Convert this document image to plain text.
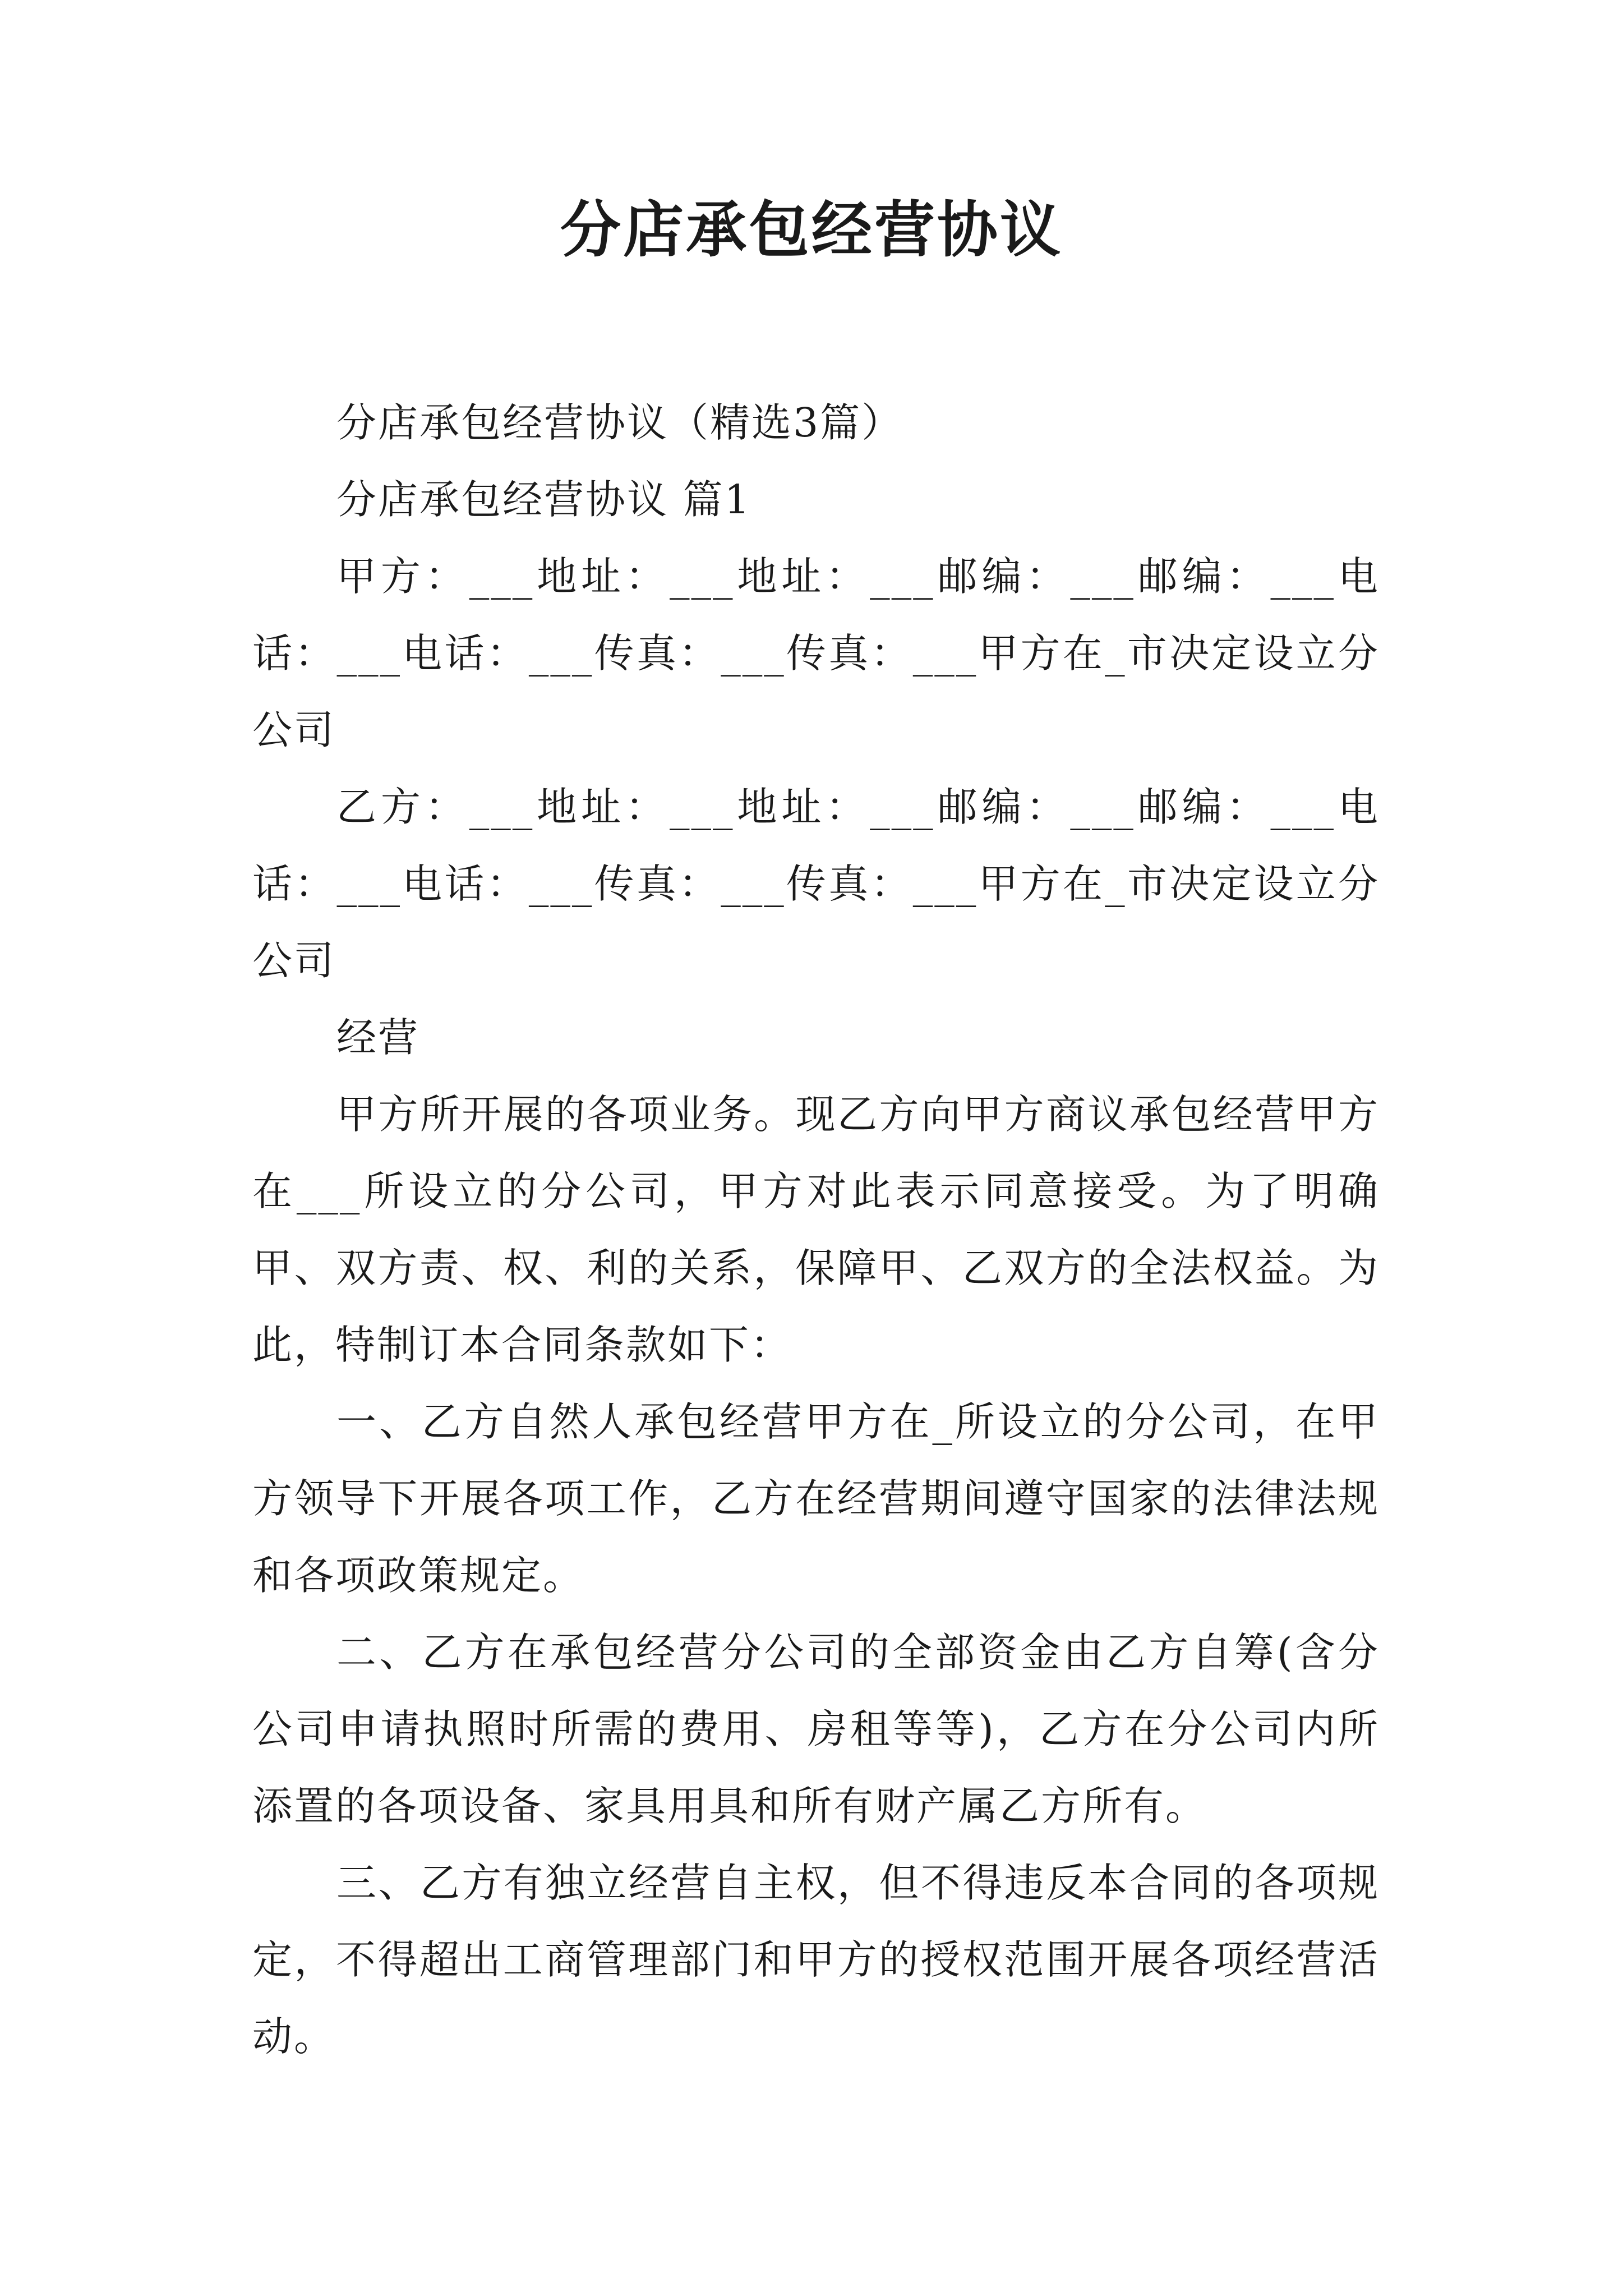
分店承包经营协议

分店承包经营协议（精选3篇）

分店承包经营协议 篇1

甲方：___地址：___地址：___邮编：___邮编：___电话：___电话：___传真：___传真：___甲方在_市决定设立分公司

乙方：___地址：___地址：___邮编：___邮编：___电话：___电话：___传真：___传真：___甲方在_市决定设立分公司

经营

甲方所开展的各项业务。现乙方向甲方商议承包经营甲方在___所设立的分公司，甲方对此表示同意接受。为了明确甲、双方责、权、利的关系，保障甲、乙双方的全法权益。为此，特制订本合同条款如下：

一、乙方自然人承包经营甲方在_所设立的分公司，在甲方领导下开展各项工作，乙方在经营期间遵守国家的法律法规和各项政策规定。

二、乙方在承包经营分公司的全部资金由乙方自筹(含分公司申请执照时所需的费用、房租等等)，乙方在分公司内所添置的各项设备、家具用具和所有财产属乙方所有。

三、乙方有独立经营自主权，但不得违反本合同的各项规定，不得超出工商管理部门和甲方的授权范围开展各项经营活动。
